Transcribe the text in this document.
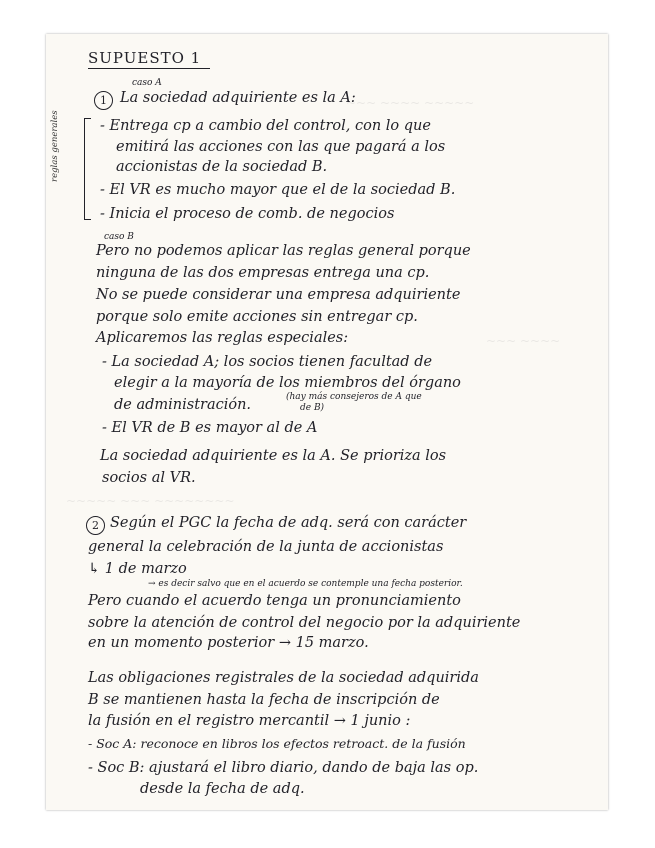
~~~ ~~~~ ~~~~~
~~~ ~~~~
~~~~~ ~~~ ~~~~~~~~
SUPUESTO 1
caso A
1 La sociedad adquiriente es la A:
reglas generales	- Entrega cp a cambio del control, con lo que
emitirá las acciones con las que pagará a los
accionistas de la sociedad B.
- El VR es mucho mayor que el de la sociedad B.
- Inicia el proceso de comb. de negocios
caso B
Pero no podemos aplicar las reglas general porque
ninguna de las dos empresas entrega una cp.
No se puede considerar una empresa adquiriente
porque solo emite acciones sin entregar cp.
Aplicaremos las reglas especiales:
- La sociedad A; los socios tienen facultad de
elegir a la mayoría de los miembros del órgano
de administración.	(hay más consejeros de A que
de B)
- El VR de B es mayor al de A
La sociedad adquiriente es la A. Se prioriza los
socios al VR.
2 Según el PGC la fecha de adq. será con carácter
general la celebración de la junta de accionistas
↳ 1 de marzo
→ es decir salvo que en el acuerdo se contemple una fecha posterior.
Pero cuando el acuerdo tenga un pronunciamiento
sobre la atención de control del negocio por la adquiriente
en un momento posterior → 15 marzo.
Las obligaciones registrales de la sociedad adquirida
B se mantienen hasta la fecha de inscripción de
la fusión en el registro mercantil → 1 junio :
- Soc A: reconoce en libros los efectos retroact. de la fusión
- Soc B: ajustará el libro diario, dando de baja las op.
desde la fecha de adq.
